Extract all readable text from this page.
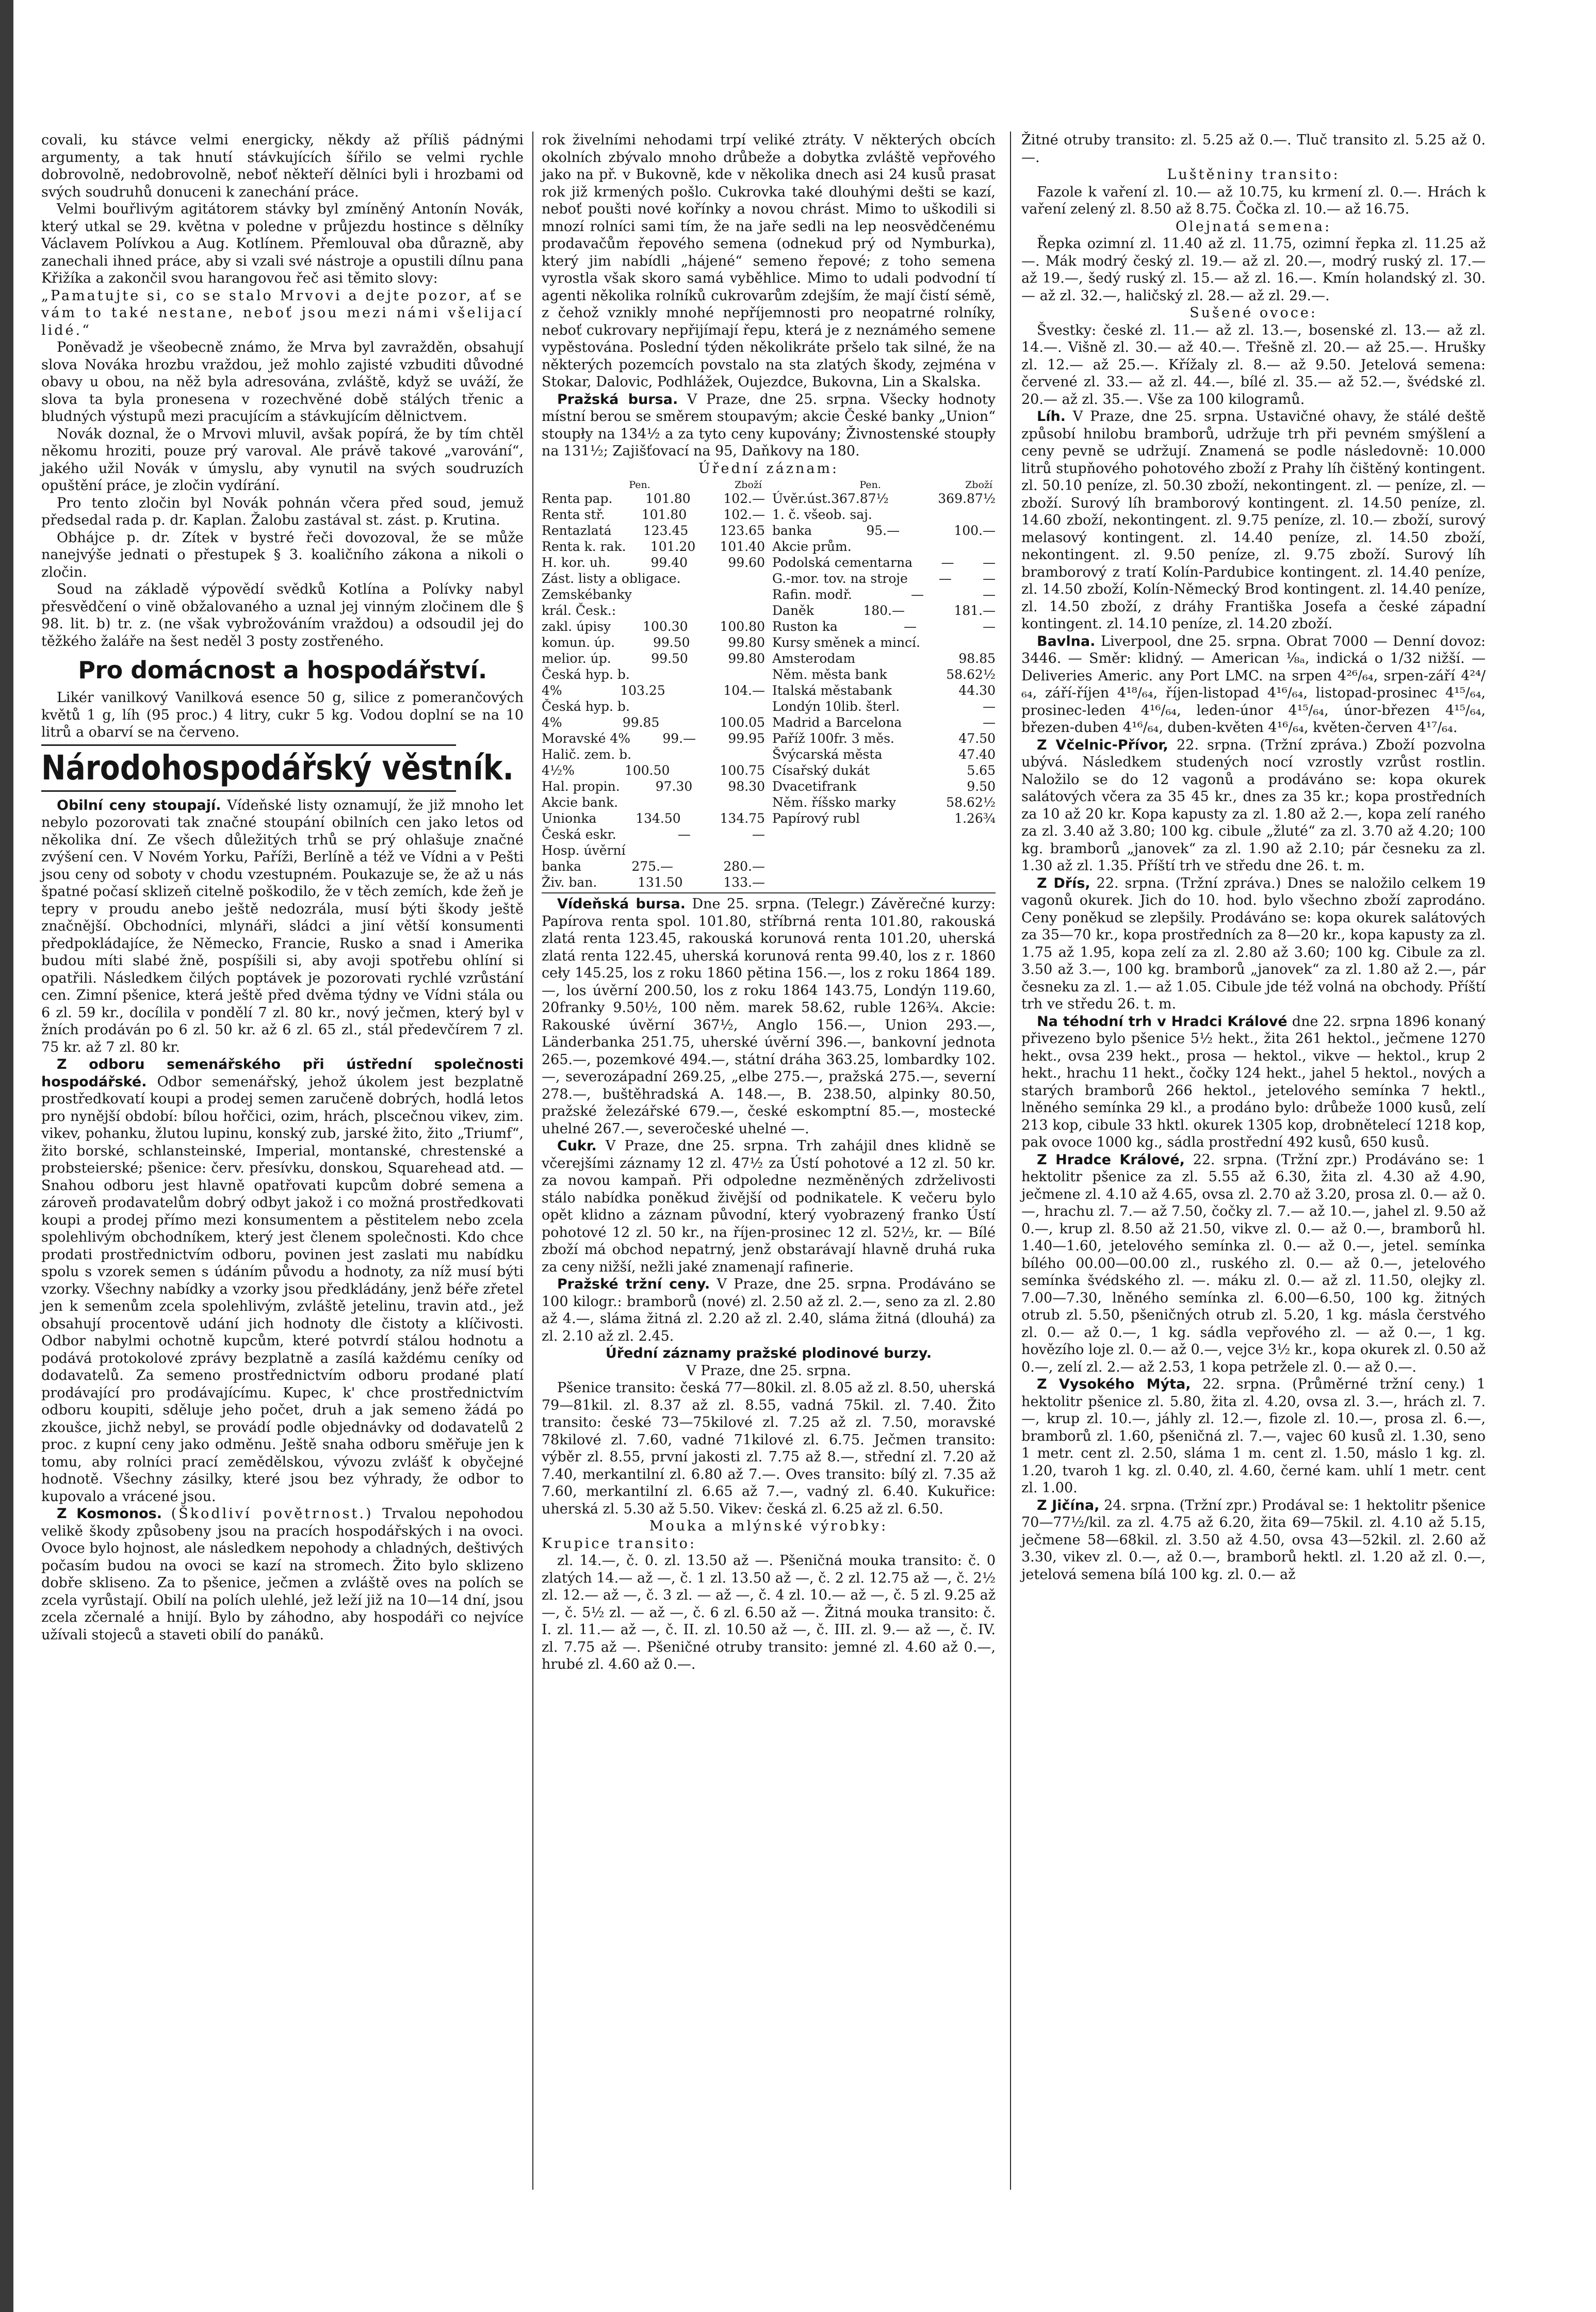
covali, ku stávce velmi energicky, někdy až příliš pádnými argumenty, a tak hnutí stávkujících šířilo se velmi rychle dobrovolně, nedobrovolně, neboť někteří dělníci byli i hrozbami od svých soudruhů donuceni k zanechání práce.

Velmi bouřlivým agitátorem stávky byl zmíněný Antonín Novák, který utkal se 29. května v poledne v průjezdu hostince s dělníky Václavem Polívkou a Aug. Kotlínem. Přemlouval oba důrazně, aby zanechali ihned práce, aby si vzali své nástroje a opustili dílnu pana Křižíka a zakončil svou harangovou řeč asi těmito slovy:

„Pamatujte si, co se stalo Mrvovi a dejte pozor, ať se vám to také nestane, neboť jsou mezi námi všelijací lidé.“

Poněvadž je všeobecně známo, že Mrva byl zavražděn, obsahují slova Nováka hrozbu vraždou, jež mohlo zajisté vzbuditi důvodné obavy u obou, na něž byla adresována, zvláště, když se uváží, že slova ta byla pronesena v rozechvěné době stálých třenic a bludných výstupů mezi pracujícím a stávkujícím dělnictvem.

Novák doznal, že o Mrvovi mluvil, avšak popírá, že by tím chtěl někomu hroziti, pouze prý varoval. Ale právě takové „varování“, jakého užil Novák v úmyslu, aby vynutil na svých soudruzích opuštění práce, je zločin vydírání.

Pro tento zločin byl Novák pohnán včera před soud, jemuž předsedal rada p. dr. Kaplan. Žalobu zastával st. zást. p. Krutina.

Obhájce p. dr. Zítek v bystré řeči dovozoval, že se může nanejvýše jednati o přestupek § 3. koaličního zákona a nikoli o zločin.

Soud na základě výpovědí svědků Kotlína a Polívky nabyl přesvědčení o vině obžalovaného a uznal jej vinným zločinem dle § 98. lit. b) tr. z. (ne však vybrožováním vraždou) a odsoudil jej do těžkého žaláře na šest neděl 3 posty zostřeného.

Pro domácnost a hospodářství.

Likér vanilkový Vanilková esence 50 g, silice z pomerančových květů 1 g, líh (95 proc.) 4 litry, cukr 5 kg. Vodou doplní se na 10 litrů a obarví se na červeno.

Národohospodářský věstník.

Obilní ceny stoupají. Vídeňské listy oznamují, že již mnoho let nebylo pozorovati tak značné stoupání obilních cen jako letos od několika dní. Ze všech důležitých trhů se prý ohlašuje značné zvýšení cen. V Novém Yorku, Paříži, Berlíně a též ve Vídni a v Pešti jsou ceny od soboty v chodu vzestupném. Poukazuje se, že až u nás špatné počasí sklizeň citelně poškodilo, že v těch zemích, kde žeň je tepry v proudu anebo ještě nedozrála, musí býti škody ještě značnější. Obchodníci, mlynáři, sládci a jiní větší konsumenti předpokládajíce, že Německo, Francie, Rusko a snad i Amerika budou míti slabé žně, pospíšili si, aby avoji spotřebu ohlíní si opatřili. Následkem čilých poptávek je pozorovati rychlé vzrůstání cen. Zimní pšenice, která ještě před dvěma týdny ve Vídni stála ou 6 zl. 59 kr., docílila v pondělí 7 zl. 80 kr., nový ječmen, který byl v žních prodáván po 6 zl. 50 kr. až 6 zl. 65 zl., stál předevčírem 7 zl. 75 kr. až 7 zl. 80 kr.

Z odboru semenářského při ústřední společnosti hospodářské. Odbor semenářský, jehož úkolem jest bezplatně prostředkovatí koupi a prodej semen zaručeně dobrých, hodlá letos pro nynější období: bílou hořčici, ozim, hrách, plscečnou vikev, zim. vikev, pohanku, žlutou lupinu, konský zub, jarské žito, žito „Triumf“, žito borské, schlansteinské, Imperial, montanské, chrestenské a probsteierské; pšenice: červ. přesívku, donskou, Squarehead atd. — Snahou odboru jest hlavně opatřovati kupcům dobré semena a zároveň prodavatelům dobrý odbyt jakož i co možná prostředkovati koupi a prodej přímo mezi konsumentem a pěstitelem nebo zcela spolehlivým obchodníkem, který jest členem společnosti. Kdo chce prodati prostřednictvím odboru, povinen jest zaslati mu nabídku spolu s vzorek semen s údáním původu a hodnoty, za níž musí býti vzorky. Všechny nabídky a vzorky jsou předkládány, jenž béře zřetel jen k semenům zcela spolehlivým, zvláště jetelinu, travin atd., jež obsahují procentově udání jich hodnoty dle čistoty a klíčivosti. Odbor nabylmi ochotně kupcům, které potvrdí stálou hodnotu a podává protokolové zprávy bezplatně a zasílá každému ceníky od dodavatelů. Za semeno prostřednictvím odboru prodané platí prodávající pro prodávajícímu. Kupec, k' chce prostřednictvím odboru koupiti, sděluje jeho počet, druh a jak semeno žádá po zkoušce, jichž nebyl, se provádí podle objednávky od dodavatelů 2 proc. z kupní ceny jako odměnu. Ještě snaha odboru směřuje jen k tomu, aby rolníci prací zemědělskou, vývozu zvlášť k obyčejné hodnotě. Všechny zásilky, které jsou bez výhrady, že odbor to kupovalo a vrácené jsou.

Z Kosmonos. (Škodliví povětrnost.) Trvalou nepohodou velikě škody způsobeny jsou na pracích hospodářských i na ovoci. Ovoce bylo hojnost, ale následkem nepohody a chladných, deštivých počasím budou na ovoci se kazí na stromech. Žito bylo sklizeno dobře skliseno. Za to pšenice, ječmen a zvláště oves na polích se zcela vyrůstají. Obilí na polích ulehlé, jež leží již na 10—14 dní, jsou zcela zčernalé a hnijí. Bylo by záhodno, aby hospodáři co nejvíce užívali stojeců a staveti obilí do panáků.

rok živelními nehodami trpí veliké ztráty. V některých obcích okolních zbývalo mnoho drůbeže a dobytka zvláště vepřového jako na př. v Bukovně, kde v několika dnech asi 24 kusů prasat rok již krmených pošlo. Cukrovka také dlouhými dešti se kazí, neboť poušti nové kořínky a novou chrást. Mimo to uškodili si mnozí rolníci sami tím, že na jaře sedli na lep neosvědčenému prodavačům řepového semena (odnekud prý od Nymburka), který jim nabídli „hájené“ semeno řepové; z toho semena vyrostla však skoro samá vyběhlice. Mimo to udali podvodní tí agenti několika rolníků cukrovarům zdejším, že mají čistí sémě, z čehož vznikly mnohé nepříjemnosti pro neopatrné rolníky, neboť cukrovary nepřijímají řepu, která je z neznámého semene vypěstována. Poslední týden několikráte pršelo tak silné, že na některých pozemcích povstalo na sta zlatých škody, zejména v Stokar, Dalovic, Podhlážek, Oujezdce, Bukovna, Lin a Skalska.

Pražská bursa. V Praze, dne 25. srpna. Všecky hodnoty místní berou se směrem stoupavým; akcie České banky „Union“ stoupły na 134½ a za tyto ceny kupovány; Živnostenské stoupły na 131½; Zajišťovací na 95, Daňkovy na 180.

Úřední záznam:
Pen.	Zboží
Renta pap.	101.80	102.—
Renta stř.	101.80	102.—
Rentazlatá 123.45 123.65
Renta k. rak. 101.20 101.40
H. kor. uh.	99.40	99.60
Zást. listy a obligace.
Zemskébanky
král. Česk.:
zakl. úpisy 100.30 100.80
komun. úp.	99.50	99.80
melior. úp.	99.50	99.80
Česká hyp. b.
4%	103.25	104.—
Česká hyp. b.
4%	99.85	100.05
Moravské 4% 99.— 99.95
Halič. zem. b.
4½%	100.50	100.75
Hal. propin.	97.30	98.30
Akcie bank.
Unionka	134.50	134.75
Česká eskr.	—	—
Hosp. úvěrní
banka	275.—	280.—
Živ. ban.	131.50	133.—
Pen.	Zboží
Úvěr.úst.367.87½	369.87½
1. č. všeob. saj.
banka	95.—	100.—
Akcie prům.
Podolská cementarna — —
G.-mor. tov. na stroje — —
Rafin. modř.	—	—
Daněk	180.—	181.—
Ruston ka	—	—
Kursy směnek a mincí.
Amsterodam	98.85
Něm. města bank	58.62½
Italská městabank	44.30
Londýn 10lib. šterl.	—
Madrid a Barcelona	—
Paříž 100fr. 3 měs.	47.50
Švýcarská města	47.40
Císařský dukát	5.65
Dvacetifrank	9.50
Něm. říšsko marky	58.62½
Papírový rubl	1.26¾

Vídeňská bursa. Dne 25. srpna. (Telegr.) Závěrečné kurzy: Papírova renta spol. 101.80, stříbrná renta 101.80, rakouská zlatá renta 123.45, rakouská korunová renta 101.20, uherská zlatá renta 122.45, uherská korunová renta 99.40, los z r. 1860 ceły 145.25, los z roku 1860 pětina 156.—, los z roku 1864 189.—, los úvěrní 200.50, los z roku 1864 143.75, Londýn 119.60, 20franky 9.50½, 100 něm. marek 58.62, ruble 126¾. Akcie: Rakouské úvěrní 367½, Anglo 156.—, Union 293.—, Länderbanka 251.75, uherské úvěrní 396.—, bankovní jednota 265.—, pozemkové 494.—, státní dráha 363.25, lombardky 102.—, severozápadní 269.25, „elbe 275.—, pražská 275.—, severní 278.—, buštěhradská A. 148.—, B. 238.50, alpinky 80.50, pražské železářské 679.—, české eskomptní 85.—, mostecké uhelné 267.—, severočeské uhelné —.

Cukr. V Praze, dne 25. srpna. Trh zahájil dnes klidně se včerejšími záznamy 12 zl. 47½ za Ústí pohotové a 12 zl. 50 kr. za novou kampaň. Při odpoledne nezměněných zdrželivosti stálo nabídka poněkud živější od podnikatele. K večeru bylo opět klidno a záznam původní, který vyobrazený franko Ústí pohotové 12 zl. 50 kr., na říjen-prosinec 12 zl. 52½, kr. — Bílé zboží má obchod nepatrný, jenž obstarávají hlavně druhá ruka za ceny nižší, nežli jaké znamenají rafinerie.

Pražské tržní ceny. V Praze, dne 25. srpna. Prodáváno se 100 kilogr.: bramborů (nové) zl. 2.50 až zl. 2.—, seno za zl. 2.80 až 4.—, sláma žitná zl. 2.20 až zl. 2.40, sláma žitná (dlouhá) za zl. 2.10 až zl. 2.45.

Úřední záznamy pražské plodinové burzy.
V Praze, dne 25. srpna.

Pšenice transito: česká 77—80kil. zl. 8.05 až zl. 8.50, uherská 79—81kil. zl. 8.37 až zl. 8.55, vadná 75kil. zl. 7.40. Žito transito: české 73—75kilové zl. 7.25 až zl. 7.50, moravské 78kilové zl. 7.60, vadné 71kilové zl. 6.75. Ječmen transito: výběr zl. 8.55, první jakosti zl. 7.75 až 8.—, střední zl. 7.20 až 7.40, merkantilní zl. 6.80 až 7.—. Oves transito: bílý zl. 7.35 až 7.60, merkantilní zl. 6.65 až 7.—, vadný zl. 6.40. Kukuřice: uherská zl. 5.30 až 5.50. Vikev: česká zl. 6.25 až zl. 6.50.

Mouka a mlýnské výrobky:
Krupice transito:

zl. 14.—, č. 0. zl. 13.50 až —. Pšeničná mouka transito: č. 0 zlatých 14.— až —, č. 1 zl. 13.50 až —, č. 2 zl. 12.75 až —, č. 2½ zl. 12.— až —, č. 3 zl. — až —, č. 4 zl. 10.— až —, č. 5 zl. 9.25 až —, č. 5½ zl. — až —, č. 6 zl. 6.50 až —. Žitná mouka transito: č. I. zl. 11.— až —, č. II. zl. 10.50 až —, č. III. zl. 9.— až —, č. IV. zl. 7.75 až —. Pšeničné otruby transito: jemné zl. 4.60 až 0.—, hrubé zl. 4.60 až 0.—.

Žitné otruby transito: zl. 5.25 až 0.—. Tluč transito zl. 5.25 až 0.—.

Luštěniny transito:

Fazole k vaření zl. 10.— až 10.75, ku krmení zl. 0.—. Hrách k vaření zelený zl. 8.50 až 8.75. Čočka zl. 10.— až 16.75.

Olejnatá semena:

Řepka ozimní zl. 11.40 až zl. 11.75, ozimní řepka zl. 11.25 až —. Mák modrý český zl. 19.— až zl. 20.—, modrý ruský zl. 17.— až 19.—, šedý ruský zl. 15.— až zl. 16.—. Kmín holandský zl. 30.— až zl. 32.—, haličský zl. 28.— až zl. 29.—.

Sušené ovoce:

Švestky: české zl. 11.— až zl. 13.—, bosenské zl. 13.— až zl. 14.—. Višně zl. 30.— až 40.—. Třešně zl. 20.— až 25.—. Hrušky zl. 12.— až 25.—. Křížaly zl. 8.— až 9.50. Jetelová semena: červené zl. 33.— až zl. 44.—, bílé zl. 35.— až 52.—, švédské zl. 20.— až zl. 35.—. Vše za 100 kilogramů.

Líh. V Praze, dne 25. srpna. Ustavičné ohavy, že stálé deště způsobí hnilobu bramborů, udržuje trh při pevném smýšlení a ceny pevně se udržují. Znamená se podle následovně: 10.000 litrů stupňového pohotového zboží z Prahy líh čištěný kontingent. zl. 50.10 peníze, zl. 50.30 zboží, nekontingent. zl. — peníze, zl. — zboží. Surový líh bramborový kontingent. zl. 14.50 peníze, zl. 14.60 zboží, nekontingent. zl. 9.75 peníze, zl. 10.— zboží, surový melasový kontingent. zl. 14.40 peníze, zl. 14.50 zboží, nekontingent. zl. 9.50 peníze, zl. 9.75 zboží. Surový líh bramborový z tratí Kolín-Pardubice kontingent. zl. 14.40 peníze, zl. 14.50 zboží, Kolín-Německý Brod kontingent. zl. 14.40 peníze, zl. 14.50 zboží, z dráhy Františka Josefa a české západní kontingent. zl. 14.10 peníze, zl. 14.20 zboží.

Bavlna. Liverpool, dne 25. srpna. Obrat 7000 — Denní dovoz: 3446. — Směr: klidný. — American ⅛ₐ, indická o 1/32 nižší. — Deliveries Americ. any Port LMC. na srpen 4²⁶/₆₄, srpen-září 4²⁴/₆₄, září-říjen 4¹⁸/₆₄, říjen-listopad 4¹⁶/₆₄, listopad-prosinec 4¹⁵/₆₄, prosinec-leden 4¹⁶/₆₄, leden-únor 4¹⁵/₆₄, únor-březen 4¹⁵/₆₄, březen-duben 4¹⁶/₆₄, duben-květen 4¹⁶/₆₄, květen-červen 4¹⁷/₆₄.

Z Včelnic-Přívor, 22. srpna. (Tržní zpráva.) Zboží pozvolna ubývá. Následkem studených nocí vzrostly vzrůst rostlin. Naložilo se do 12 vagonů a prodáváno se: kopa okurek salátových včera za 35 45 kr., dnes za 35 kr.; kopa prostředních za 10 až 20 kr. Kopa kapusty za zl. 1.80 až 2.—, kopa zelí raného za zl. 3.40 až 3.80; 100 kg. cibule „žluté“ za zl. 3.70 až 4.20; 100 kg. bramborů „janovek“ za zl. 1.90 až 2.10; pár česneku za zl. 1.30 až zl. 1.35. Příští trh ve středu dne 26. t. m.

Z Dřís, 22. srpna. (Tržní zpráva.) Dnes se naložilo celkem 19 vagonů okurek. Jich do 10. hod. bylo všechno zboží zaprodáno. Ceny poněkud se zlepšily. Prodáváno se: kopa okurek salátových za 35—70 kr., kopa prostředních za 8—20 kr., kopa kapusty za zl. 1.75 až 1.95, kopa zelí za zl. 2.80 až 3.60; 100 kg. Cibule za zl. 3.50 až 3.—, 100 kg. bramborů „janovek“ za zl. 1.80 až 2.—, pár česneku za zl. 1.— až 1.05. Cibule jde též volná na obchody. Příští trh ve středu 26. t. m.

Na téhodní trh v Hradci Králové dne 22. srpna 1896 konaný přivezeno bylo pšenice 5½ hekt., žita 261 hektol., ječmene 1270 hekt., ovsa 239 hekt., prosa — hektol., vikve — hektol., krup 2 hekt., hrachu 11 hekt., čočky 124 hekt., jahel 5 hektol., nových a starých bramborů 266 hektol., jetelového semínka 7 hektl., lněného semínka 29 kl., a prodáno bylo: drůbeže 1000 kusů, zelí 213 kop, cibule 33 hktl. okurek 1305 kop, drobnětelecí 1218 kop, pak ovoce 1000 kg., sádla prostřední 492 kusů, 650 kusů.

Z Hradce Králové, 22. srpna. (Tržní zpr.) Prodáváno se: 1 hektolitr pšenice za zl. 5.55 až 6.30, žita zl. 4.30 až 4.90, ječmene zl. 4.10 až 4.65, ovsa zl. 2.70 až 3.20, prosa zl. 0.— až 0.—, hrachu zl. 7.— až 7.50, čočky zl. 7.— až 10.—, jahel zl. 9.50 až 0.—, krup zl. 8.50 až 21.50, vikve zl. 0.— až 0.—, bramborů hl. 1.40—1.60, jetelového semínka zl. 0.— až 0.—, jetel. semínka bílého 00.00—00.00 zl., ruského zl. 0.— až 0.—, jetelového semínka švédského zl. —. máku zl. 0.— až zl. 11.50, olejky zl. 7.00—7.30, lněného semínka zl. 6.00—6.50, 100 kg. žitných otrub zl. 5.50, pšeničných otrub zl. 5.20, 1 kg. másla čerstvého zl. 0.— až 0.—, 1 kg. sádla vepřového zl. — až 0.—, 1 kg. hovězího loje zl. 0.— až 0.—, vejce 3½ kr., kopa okurek zl. 0.50 až 0.—, zelí zl. 2.— až 2.53, 1 kopa petržele zl. 0.— až 0.—.

Z Vysokého Mýta, 22. srpna. (Průměrné tržní ceny.) 1 hektolitr pšenice zl. 5.80, žita zl. 4.20, ovsa zl. 3.—, hrách zl. 7.—, krup zl. 10.—, jáhly zl. 12.—, fizole zl. 10.—, prosa zl. 6.—, bramborů zl. 1.60, pšeničná zl. 7.—, vajec 60 kusů zl. 1.30, seno 1 metr. cent zl. 2.50, sláma 1 m. cent zl. 1.50, máslo 1 kg. zl. 1.20, tvaroh 1 kg. zl. 0.40, zl. 4.60, černé kam. uhlí 1 metr. cent zl. 1.00.

Z Jičína, 24. srpna. (Tržní zpr.) Prodával se: 1 hektolitr pšenice 70—77½/kil. za zl. 4.75 až 6.20, žita 69—75kil. zl. 4.10 až 5.15, ječmene 58—68kil. zl. 3.50 až 4.50, ovsa 43—52kil. zl. 2.60 až 3.30, vikev zl. 0.—, až 0.—, bramborů hektl. zl. 1.20 až zl. 0.—, jetelová semena bílá 100 kg. zl. 0.— až
